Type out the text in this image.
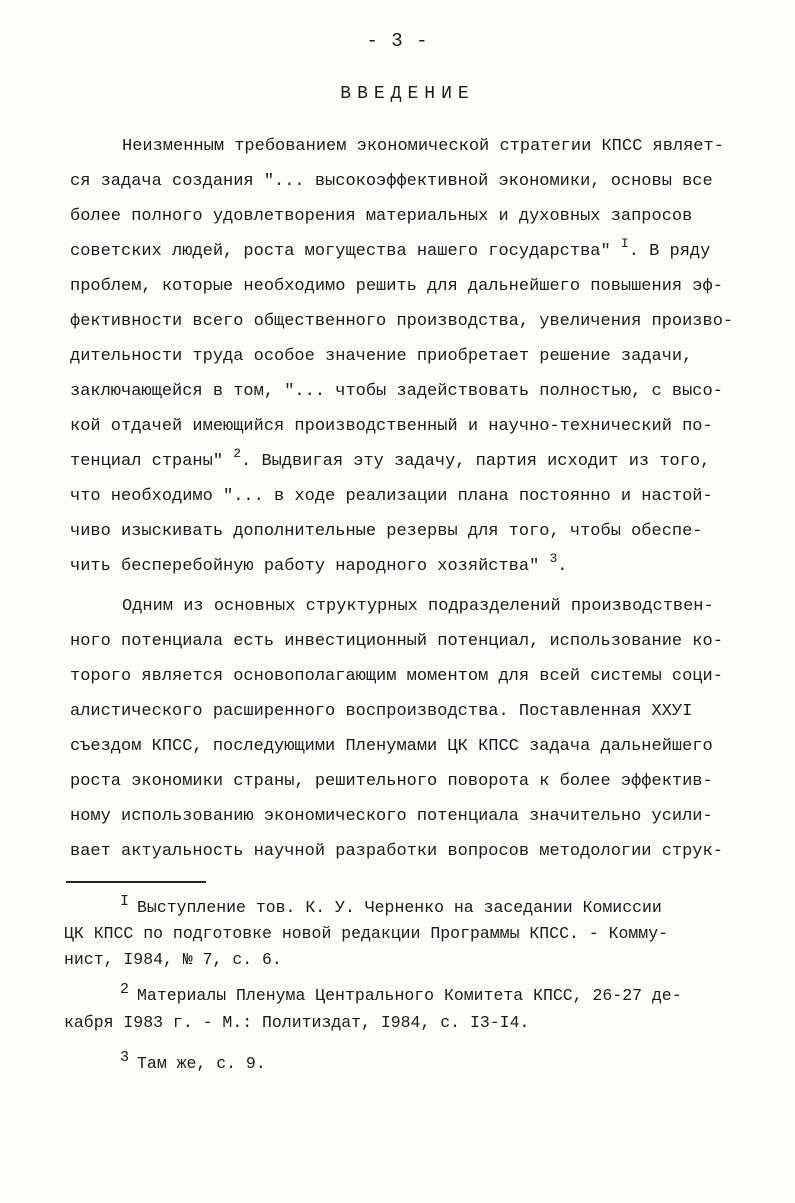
- 3 -
ВВЕДЕНИЕ
Неизменным требованием экономической стратегии КПСС являет-
ся задача создания "... высокоэффективной экономики, основы все
более полного удовлетворения материальных и духовных запросов
советских людей, роста могущества нашего государства" $^I$. В ряду
проблем, которые необходимо решить для дальнейшего повышения эф-
фективности всего общественного производства, увеличения произво-
дительности труда особое значение приобретает решение задачи,
заключающейся в том, "... чтобы задействовать полностью, с высо-
кой отдачей имеющийся производственный и научно-технический по-
тенциал страны" $^2$. Выдвигая эту задачу, партия исходит из того,
что необходимо "... в ходе реализации плана постоянно и настой-
чиво изыскивать дополнительные резервы для того, чтобы обеспе-
чить бесперебойную работу народного хозяйства" $^3$.
Одним из основных структурных подразделений производствен-
ного потенциала есть инвестиционный потенциал, использование ко-
торого является основополагающим моментом для всей системы соци-
алистического расширенного воспроизводства. Поставленная ХХУI
съездом КПСС, последующими Пленумами ЦК КПСС задача дальнейшего
роста экономики страны, решительного поворота к более эффектив-
ному использованию экономического потенциала значительно усили-
вает актуальность научной разработки вопросов методологии струк-
I Выступление тов. К. У. Черненко на заседании Комиссии
ЦК КПСС по подготовке новой редакции Программы КПСС. - Комму-
нист, I984, № 7, с. 6.
2 Материалы Пленума Центрального Комитета КПСС, 26-27 де-
кабря I983 г. - М.: Политиздат, I984, с. I3-I4.
3 Там же, с. 9.
